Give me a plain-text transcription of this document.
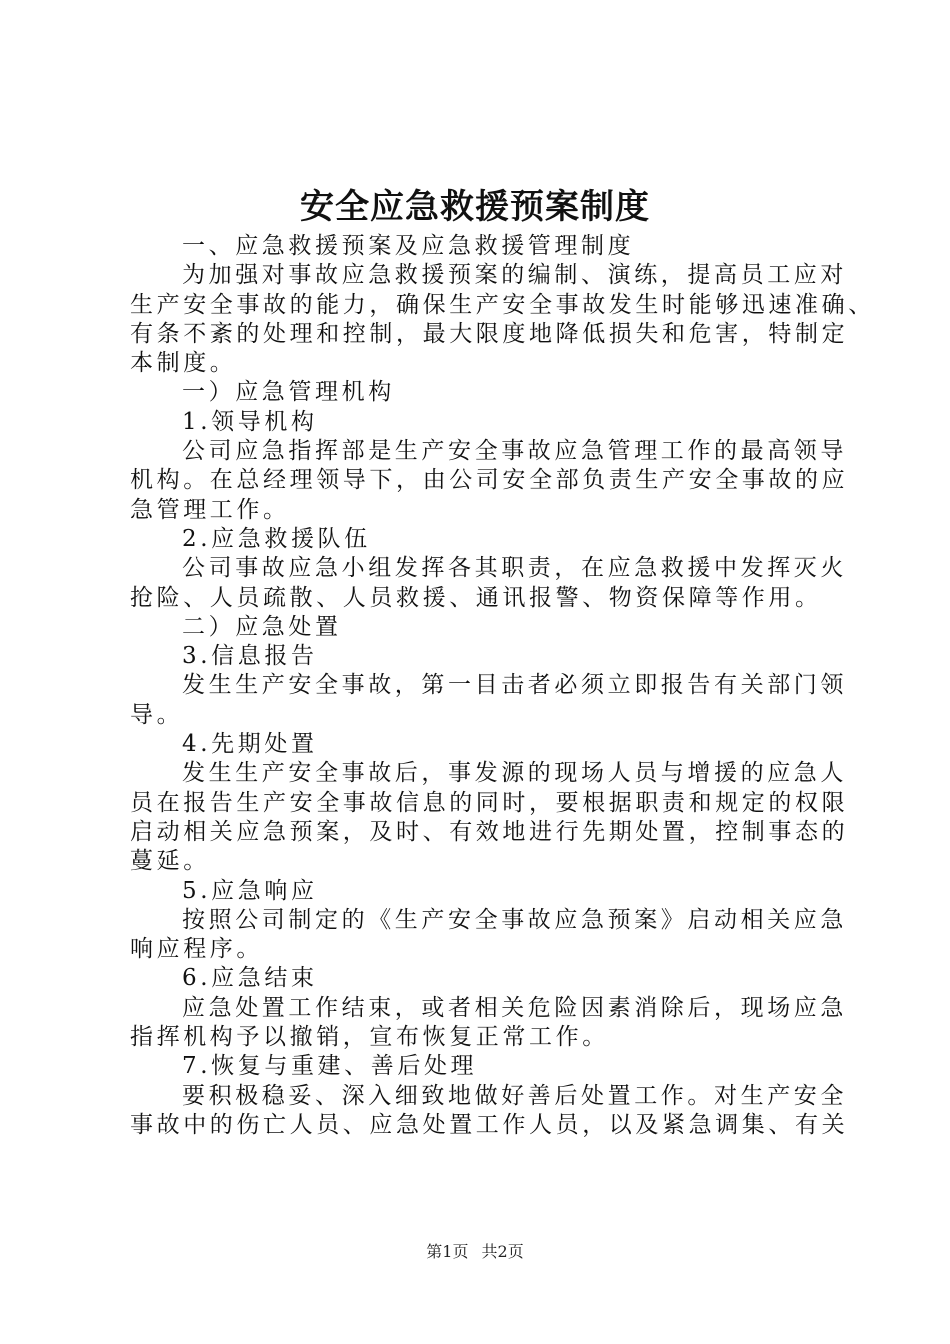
安全应急救援预案制度

一、应急救援预案及应急救援管理制度

为加强对事故应急救援预案的编制、演练，提高员工应对

生产安全事故的能力，确保生产安全事故发生时能够迅速准确、

有条不紊的处理和控制，最大限度地降低损失和危害，特制定

本制度。

一）应急管理机构

1.领导机构

公司应急指挥部是生产安全事故应急管理工作的最高领导

机构。在总经理领导下，由公司安全部负责生产安全事故的应

急管理工作。

2.应急救援队伍

公司事故应急小组发挥各其职责，在应急救援中发挥灭火

抢险、人员疏散、人员救援、通讯报警、物资保障等作用。

二）应急处置

3.信息报告

发生生产安全事故，第一目击者必须立即报告有关部门领

导。

4.先期处置

发生生产安全事故后，事发源的现场人员与增援的应急人

员在报告生产安全事故信息的同时，要根据职责和规定的权限

启动相关应急预案，及时、有效地进行先期处置，控制事态的

蔓延。

5.应急响应

按照公司制定的《生产安全事故应急预案》启动相关应急

响应程序。

6.应急结束

应急处置工作结束，或者相关危险因素消除后，现场应急

指挥机构予以撤销，宣布恢复正常工作。

7.恢复与重建、善后处理

要积极稳妥、深入细致地做好善后处置工作。对生产安全

事故中的伤亡人员、应急处置工作人员，以及紧急调集、有关

第1页 共2页
